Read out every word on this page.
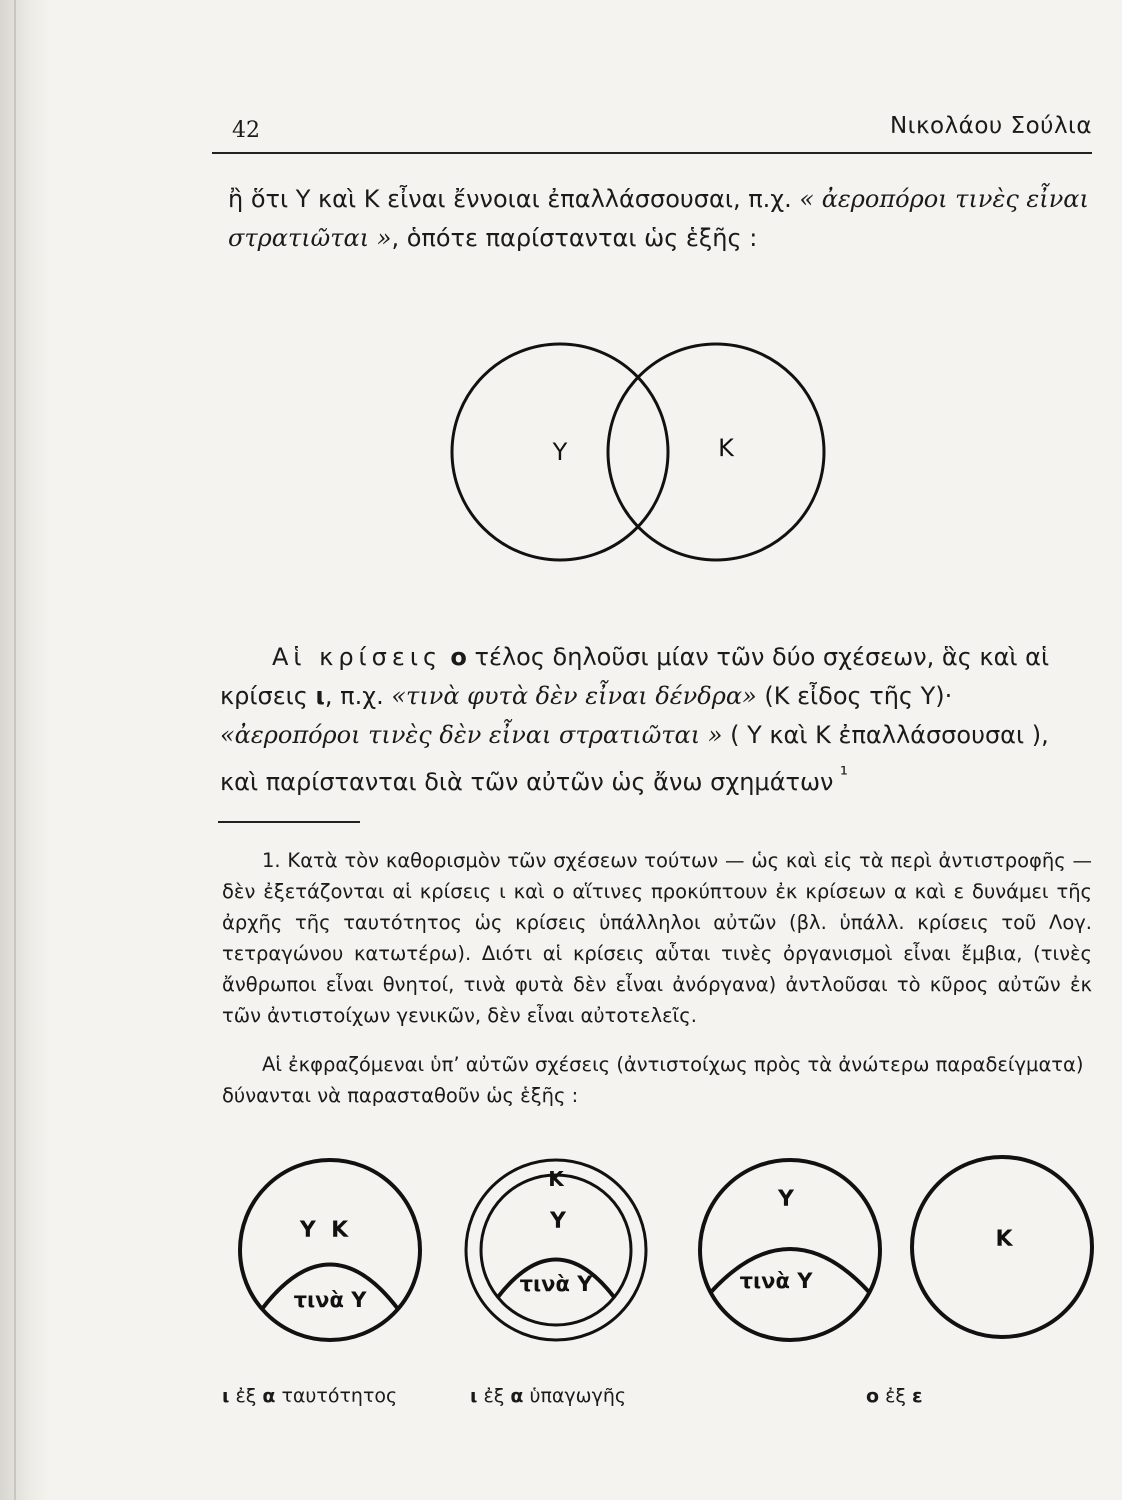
42	Νικολάου Σούλια
ἢ ὅτι Υ καὶ Κ εἶναι ἔννοιαι ἐπαλλάσσουσαι, π.χ. « ἀεροπόροι τινὲς εἶναι στρατιῶται », ὁπότε παρίστανται ὡς ἑξῆς :
Υ	Κ
Υ  Κ
τινὰ Υ
Κ
Υ
τινὰ Υ
Υ
τινὰ Υ
Κ
Αἱ κρίσεις ο τέλος δηλοῦσι μίαν τῶν δύο σχέσεων, ἃς καὶ αἱ κρίσεις ι, π.χ. «τινὰ φυτὰ δὲν εἶναι δένδρα» (Κ εἶδος τῆς Υ)· «ἀεροπόροι τινὲς δὲν εἶναι στρατιῶται » ( Υ καὶ Κ ἐπαλλάσσουσαι ), καὶ παρίστανται διὰ τῶν αὐτῶν ὡς ἄνω σχημάτων $^{^1}$
1. Κατὰ τὸν καθορισμὸν τῶν σχέσεων τούτων — ὡς καὶ εἰς τὰ περὶ ἀντιστροφῆς — δὲν ἐξετάζονται αἱ κρίσεις ι καὶ ο αἵτινες προκύπτουν ἐκ κρίσεων α καὶ ε δυνάμει τῆς ἀρχῆς τῆς ταυτότητος ὡς κρίσεις ὑπάλληλοι αὐτῶν (βλ. ὑπάλλ. κρίσεις τοῦ Λογ. τετραγώνου κατωτέρω). Διότι αἱ κρίσεις αὗται τινὲς ὀργανισμοὶ εἶναι ἔμβια, (τινὲς ἄνθρωποι εἶναι θνητοί, τινὰ φυτὰ δὲν εἶναι ἀνόργανα) ἀντλοῦσαι τὸ κῦρος αὐτῶν ἐκ τῶν ἀντιστοίχων γενικῶν, δὲν εἶναι αὐτοτελεῖς.
Αἱ ἐκφραζόμεναι ὑπ’ αὐτῶν σχέσεις (ἀντιστοίχως πρὸς τὰ ἀνώτερω παραδείγματα) δύνανται νὰ παρασταθοῦν ὡς ἑξῆς :
ι ἐξ α ταυτότητος	ι ἐξ α ὑπαγωγῆς	ο ἐξ ε
